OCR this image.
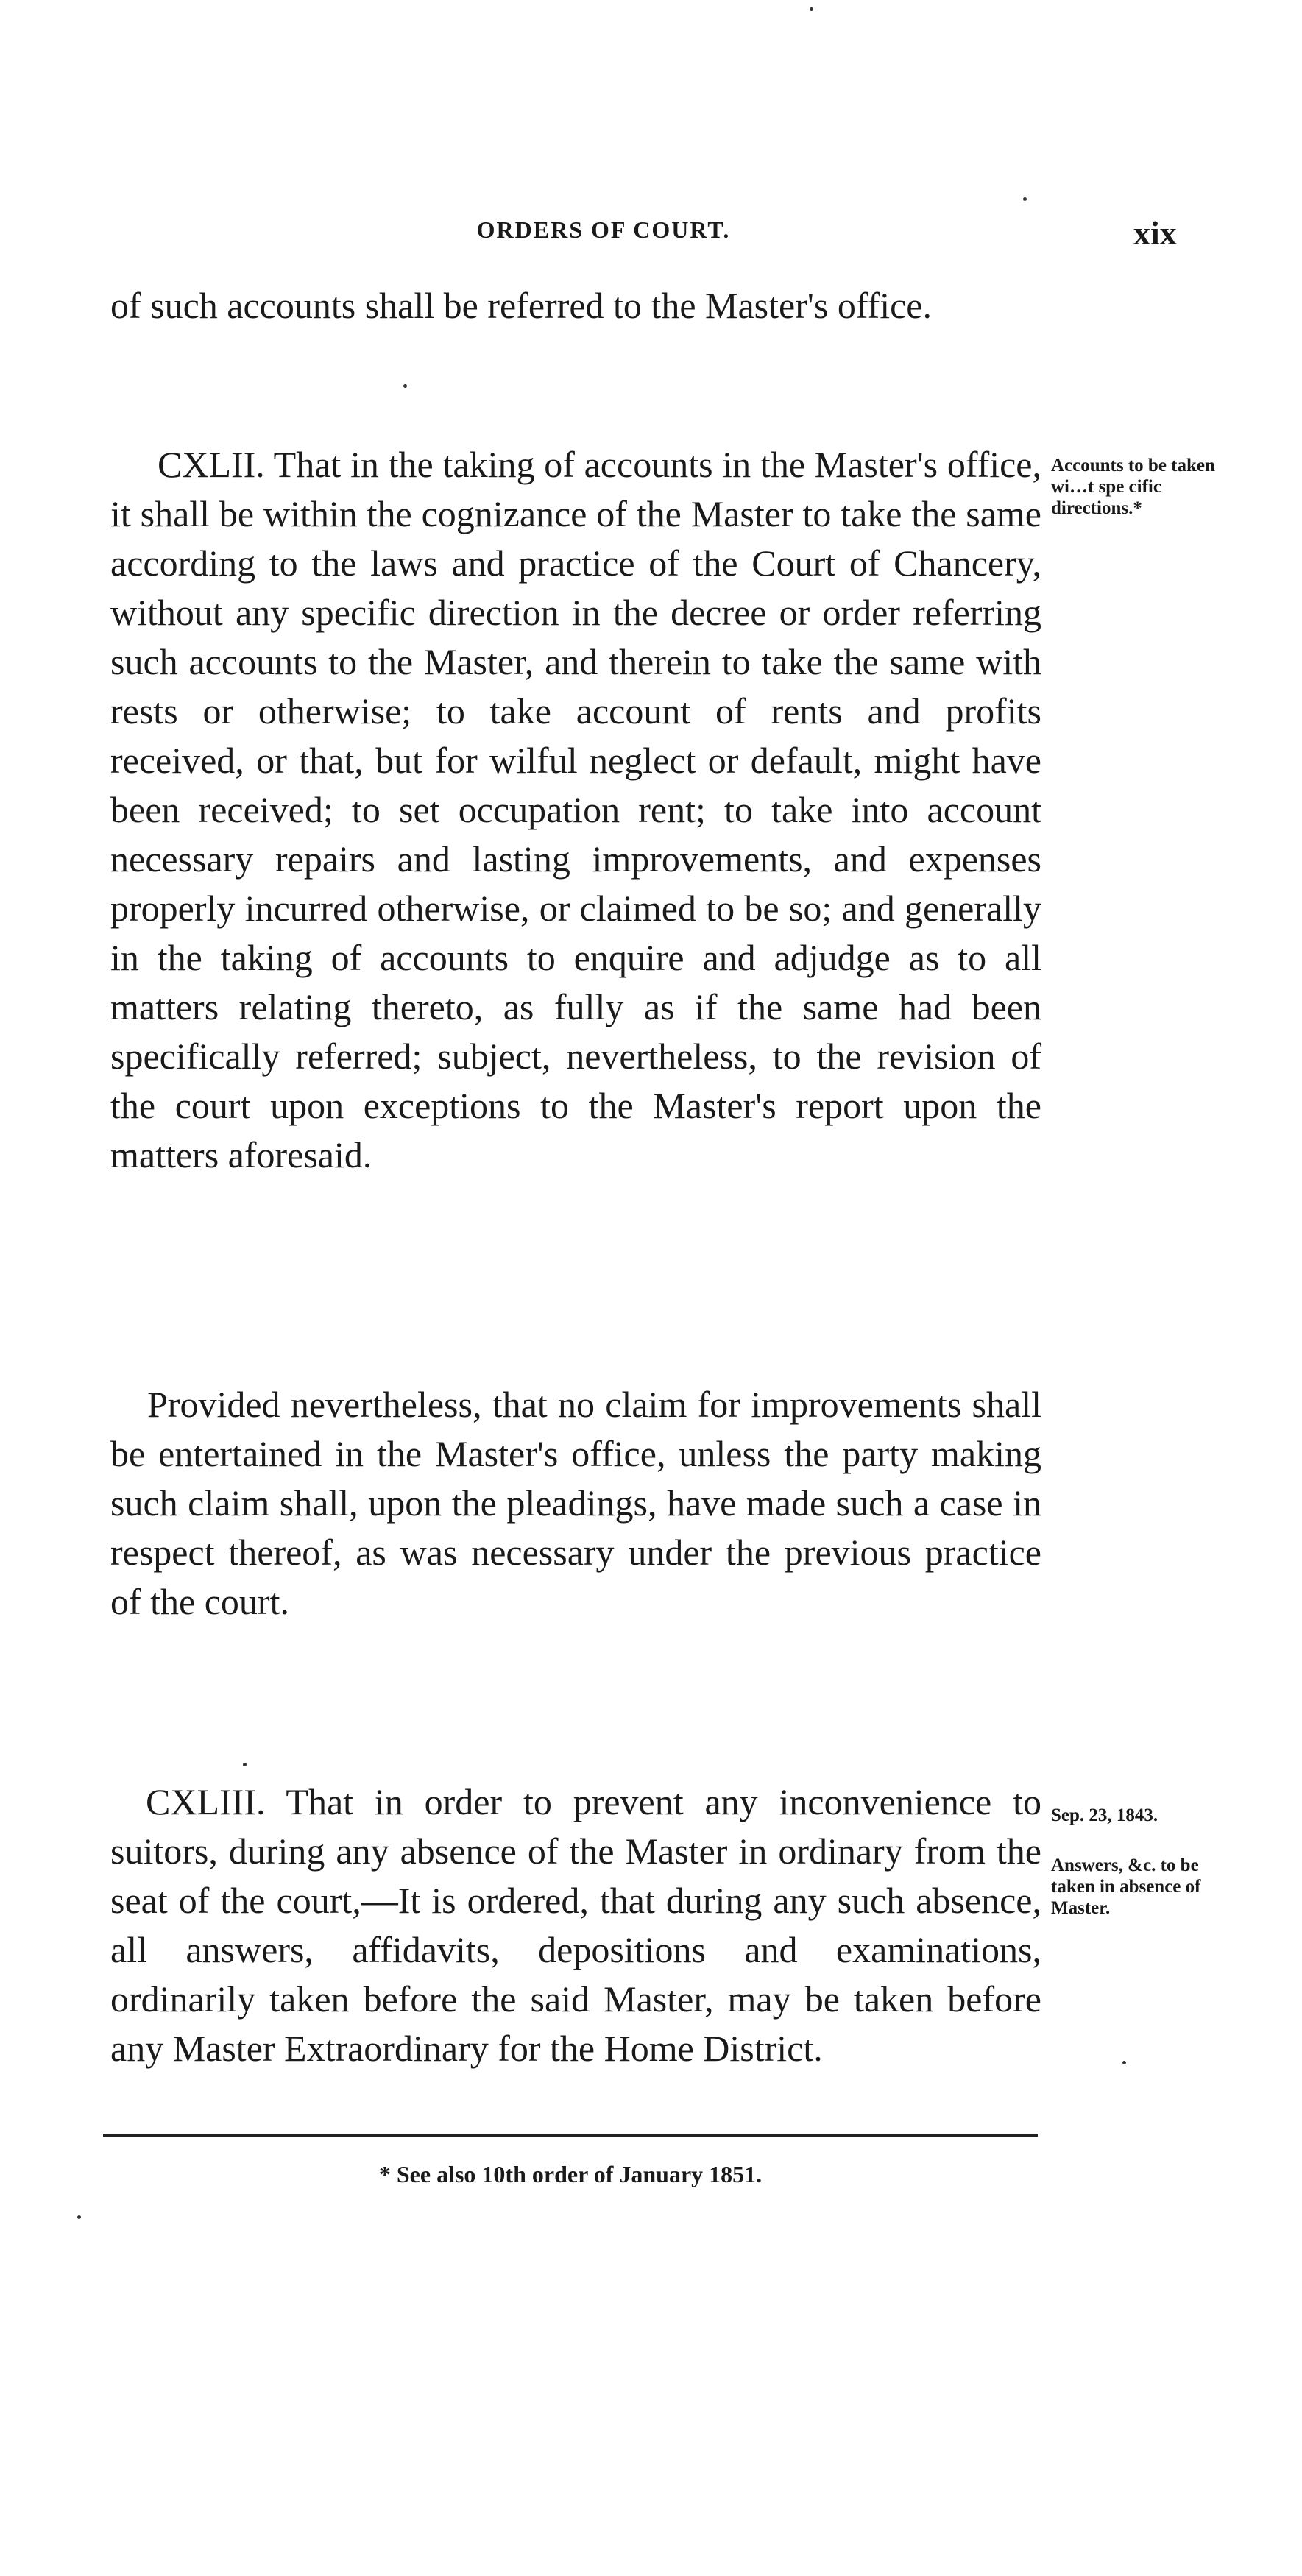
ORDERS OF COURT.	xix

of such accounts shall be referred to the Master's office.

CXLII. That in the taking of accounts in the Master's office, it shall be within the cognizance of the Master to take the same according to the laws and practice of the Court of Chancery, without any specific direction in the decree or order referring such accounts to the Master, and therein to take the same with rests or otherwise; to take account of rents and profits received, or that, but for wilful neglect or default, might have been received; to set occupation rent; to take into account necessary repairs and lasting improvements, and expenses properly incurred otherwise, or claimed to be so; and generally in the taking of accounts to enquire and adjudge as to all matters relating thereto, as fully as if the same had been specifically referred; subject, nevertheless, to the revision of the court upon exceptions to the Master's report upon the matters aforesaid.

Accounts to be taken wi…t spe cific directions.*

Provided nevertheless, that no claim for improvements shall be entertained in the Master's office, unless the party making such claim shall, upon the pleadings, have made such a case in respect thereof, as was necessary under the previous practice of the court.

CXLIII. That in order to prevent any inconvenience to suitors, during any absence of the Master in ordinary from the seat of the court,—It is ordered, that during any such absence, all answers, affidavits, depositions and examinations, ordinarily taken before the said Master, may be taken before any Master Extraordinary for the Home District.

Sep. 23, 1843.
Answers, &c. to be taken in absence of Master.
* See also 10th order of January 1851.
